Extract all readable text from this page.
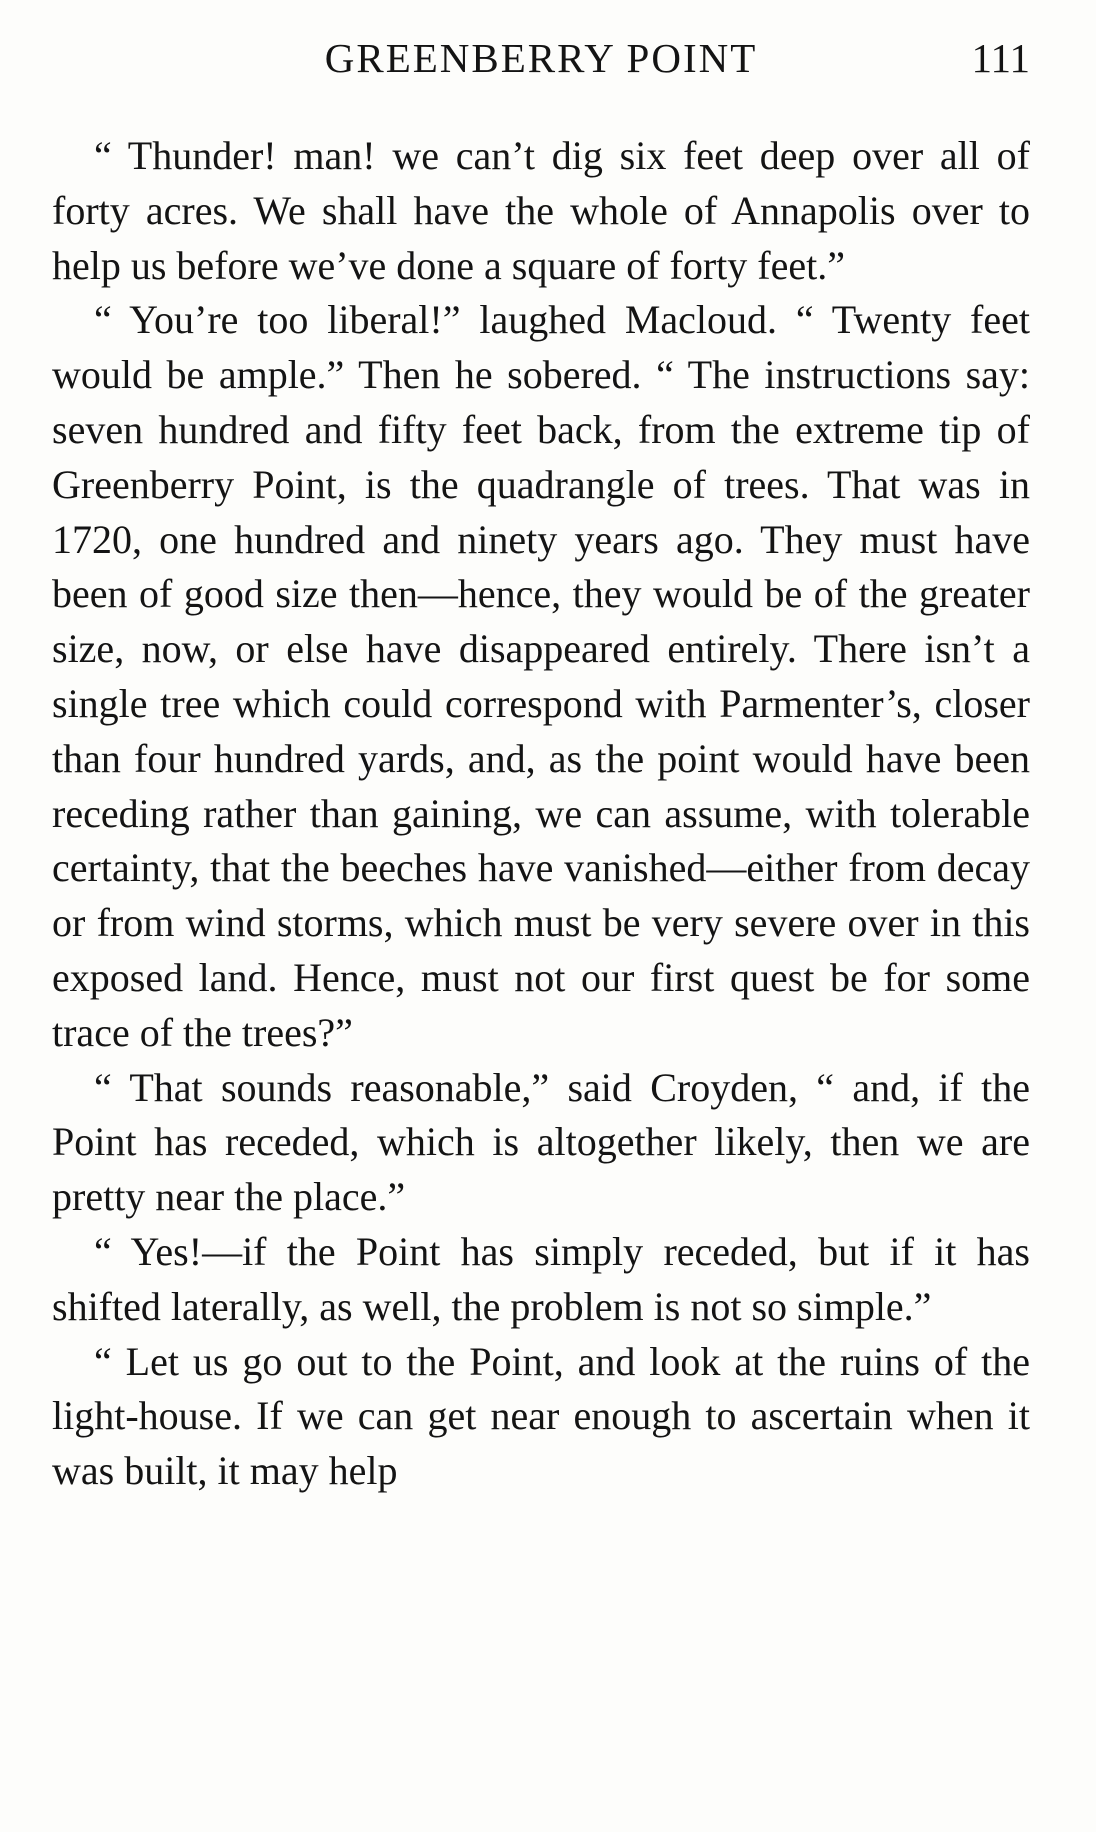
GREENBERRY POINT	111

“ Thunder! man! we can’t dig six feet deep over all of forty acres. We shall have the whole of Annapolis over to help us before we’ve done a square of forty feet.”

“ You’re too liberal!” laughed Macloud. “ Twenty feet would be ample.” Then he sobered. “ The instructions say: seven hundred and fifty feet back, from the extreme tip of Greenberry Point, is the quadrangle of trees. That was in 1720, one hundred and ninety years ago. They must have been of good size then—hence, they would be of the greater size, now, or else have disappeared entirely. There isn’t a single tree which could correspond with Parmenter’s, closer than four hundred yards, and, as the point would have been receding rather than gaining, we can assume, with tolerable certainty, that the beeches have vanished—either from decay or from wind storms, which must be very severe over in this exposed land. Hence, must not our first quest be for some trace of the trees?”

“ That sounds reasonable,” said Croyden, “ and, if the Point has receded, which is altogether likely, then we are pretty near the place.”

“ Yes!—if the Point has simply receded, but if it has shifted laterally, as well, the problem is not so simple.”

“ Let us go out to the Point, and look at the ruins of the light-house. If we can get near enough to ascertain when it was built, it may help
